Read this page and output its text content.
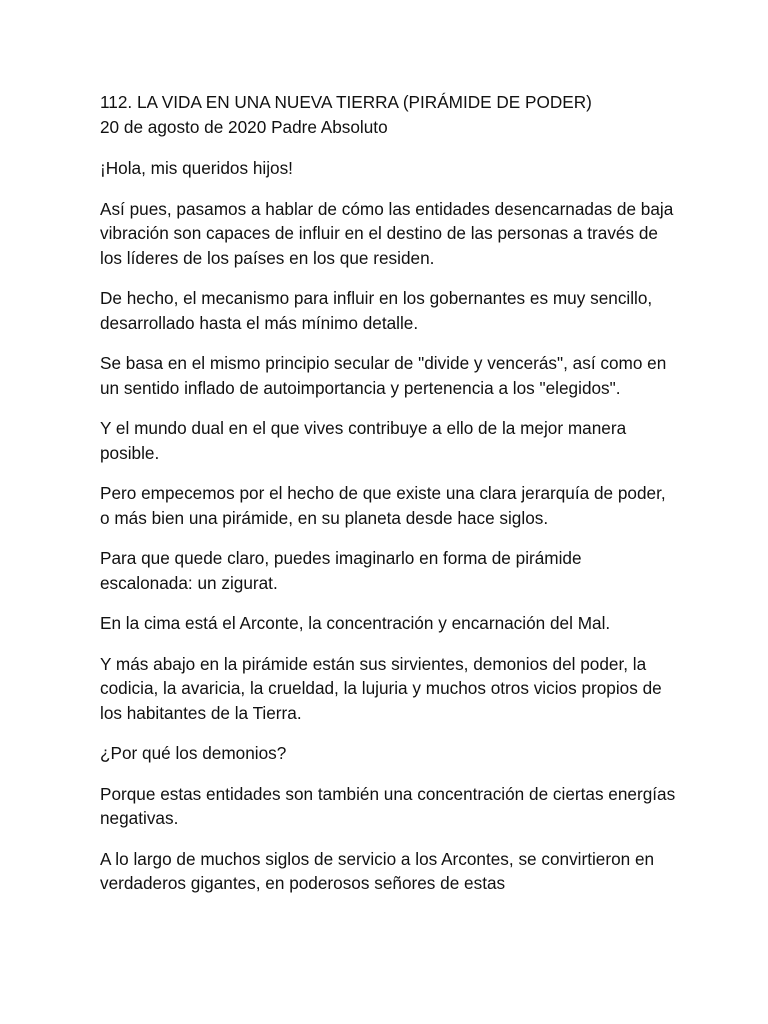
112. LA VIDA EN UNA NUEVA TIERRA (PIRÁMIDE DE PODER)
20 de agosto de 2020 Padre Absoluto

¡Hola, mis queridos hijos!

Así pues, pasamos a hablar de cómo las entidades desencarnadas de baja vibración son capaces de influir en el destino de las personas a través de los líderes de los países en los que residen.

De hecho, el mecanismo para influir en los gobernantes es muy sencillo, desarrollado hasta el más mínimo detalle.

Se basa en el mismo principio secular de "divide y vencerás", así como en un sentido inflado de autoimportancia y pertenencia a los "elegidos".

Y el mundo dual en el que vives contribuye a ello de la mejor manera posible.

Pero empecemos por el hecho de que existe una clara jerarquía de poder, o más bien una pirámide, en su planeta desde hace siglos.

Para que quede claro, puedes imaginarlo en forma de pirámide escalonada: un zigurat.

En la cima está el Arconte, la concentración y encarnación del Mal.

Y más abajo en la pirámide están sus sirvientes, demonios del poder, la codicia, la avaricia, la crueldad, la lujuria y muchos otros vicios propios de los habitantes de la Tierra.

¿Por qué los demonios?

Porque estas entidades son también una concentración de ciertas energías negativas.

A lo largo de muchos siglos de servicio a los Arcontes, se convirtieron en verdaderos gigantes, en poderosos señores de estas
